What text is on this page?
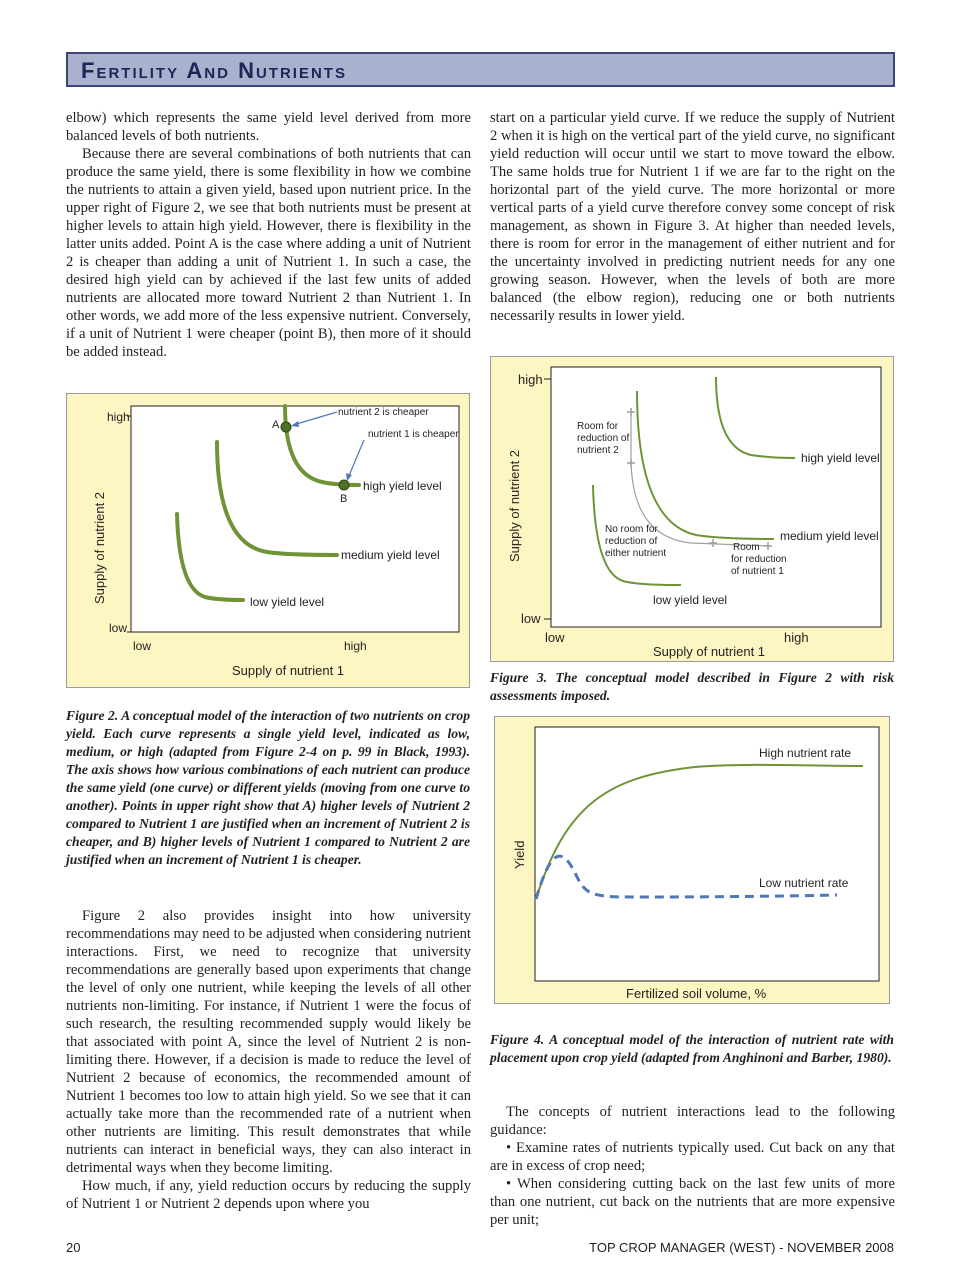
Fertility And Nutrients

elbow) which represents the same yield level derived from more balanced levels of both nutrients.

Because there are several combinations of both nutrients that can produce the same yield, there is some flexibility in how we combine the nutrients to attain a given yield, based upon nutrient price. In the upper right of Figure 2, we see that both nutrients must be present at higher levels to attain high yield. However, there is flexibility in the latter units added. Point A is the case where adding a unit of Nutrient 2 is cheaper than adding a unit of Nutrient 1. In such a case, the desired high yield can by achieved if the last few units of added nutrients are allocated more toward Nutrient 2 than Nutrient 1. In other words, we add more of the less expensive nutrient. Conversely, if a unit of Nutrient 1 were cheaper (point B), then more of it should be added instead.

high
low
low	high
Supply of nutrient 1
Supply of nutrient 2
A
B
nutrient 2 is cheaper
nutrient 1 is cheaper
high yield level
medium yield level
low yield level
Figure 2. A conceptual model of the interaction of two nutrients on crop yield. Each curve represents a single yield level, indicated as low, medium, or high (adapted from Figure 2-4 on p. 99 in Black, 1993). The axis shows how various combinations of each nutrient can produce the same yield (one curve) or different yields (moving from one curve to another). Points in upper right show that A) higher levels of Nutrient 2 compared to Nutrient 1 are justified when an increment of Nutrient 2 is cheaper, and B) higher levels of Nutrient 1 compared to Nutrient 2 are justified when an increment of Nutrient 1 is cheaper.

Figure 2 also provides insight into how university recommendations may need to be adjusted when considering nutrient interactions. First, we need to recognize that university recommendations are generally based upon experiments that change the level of only one nutrient, while keeping the levels of all other nutrients non-limiting. For instance, if Nutrient 1 were the focus of such research, the resulting recommended supply would likely be that associated with point A, since the level of Nutrient 2 is non-limiting there. However, if a decision is made to reduce the level of Nutrient 2 because of economics, the recommended amount of Nutrient 1 becomes too low to attain high yield. So we see that it can actually take more than the recommended rate of a nutrient when other nutrients are limiting. This result demonstrates that while nutrients can interact in beneficial ways, they can also interact in detrimental ways when they become limiting.

How much, if any, yield reduction occurs by reducing the supply of Nutrient 1 or Nutrient 2 depends upon where you

start on a particular yield curve. If we reduce the supply of Nutrient 2 when it is high on the vertical part of the yield curve, no significant yield reduction will occur until we start to move toward the elbow. The same holds true for Nutrient 1 if we are far to the right on the horizontal part of the yield curve. The more horizontal or more vertical parts of a yield curve therefore convey some concept of risk management, as shown in Figure 3. At higher than needed levels, there is room for error in the management of either nutrient and for the uncertainty involved in predicting nutrient needs for any one growing season. However, when the levels of both are more balanced (the elbow region), reducing one or both nutrients necessarily results in lower yield.

high
low
low	high
Supply of nutrient 1
Supply of nutrient 2
Room for
reduction of
nutrient 2
No room for
reduction of
either nutrient
Room
for reduction
of nutrient 1
high yield level
medium yield level
low yield level
Figure 3. The conceptual model described in Figure 2 with risk assessments imposed.
High nutrient rate
Low nutrient rate
Fertilized soil volume, %
Yield
Figure 4. A conceptual model of the interaction of nutrient rate with placement upon crop yield (adapted from Anghinoni and Barber, 1980).

The concepts of nutrient interactions lead to the following guidance:

• Examine rates of nutrients typically used. Cut back on any that are in excess of crop need;

• When considering cutting back on the last few units of more than one nutrient, cut back on the nutrients that are more expensive per unit;

20	TOP CROP MANAGER (WEST) - NOVEMBER 2008
